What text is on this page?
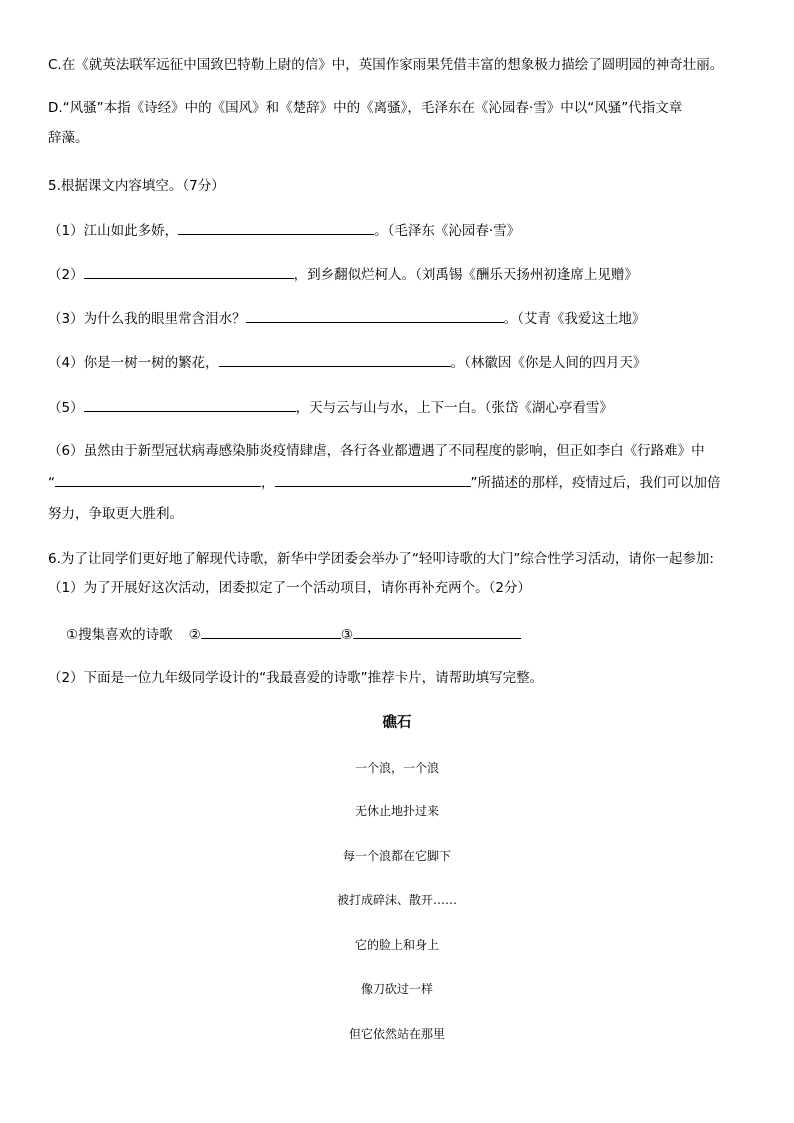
C.在《就英法联军远征中国致巴特勒上尉的信》中，英国作家雨果凭借丰富的想象极力描绘了圆明园的神奇壮丽。
D.“风骚”本指《诗经》中的《国风》和《楚辞》中的《离骚》，毛泽东在《沁园春·雪》中以“风骚”代指文章
辞藻。
5.根据课文内容填空。（7分）
（1）江山如此多娇，	。（毛泽东《沁园春·雪》
（2）	，到乡翻似烂柯人。（刘禹锡《酬乐天扬州初逢席上见赠》
（3）为什么我的眼里常含泪水？	。（艾青《我爱这土地》
（4）你是一树一树的繁花，	。（林徽因《你是人间的四月天》
（5）	，天与云与山与水，上下一白。（张岱《湖心亭看雪》
（6）虽然由于新型冠状病毒感染肺炎疫情肆虐，各行各业都遭遇了不同程度的影响，但正如李白《行路难》中
“	，	”所描述的那样，疫情过后，我们可以加倍
努力，争取更大胜利。
6.为了让同学们更好地了解现代诗歌，新华中学团委会举办了“轻叩诗歌的大门”综合性学习活动，请你一起参加:
（1）为了开展好这次活动，团委拟定了一个活动项目，请你再补充两个。（2分）
①搜集喜欢的诗歌 ②	③
（2）下面是一位九年级同学设计的“我最喜爱的诗歌”推荐卡片，请帮助填写完整。
礁石
一个浪，一个浪
无休止地扑过来
每一个浪都在它脚下
被打成碎沫、散开……
它的脸上和身上
像刀砍过一样
但它依然站在那里
